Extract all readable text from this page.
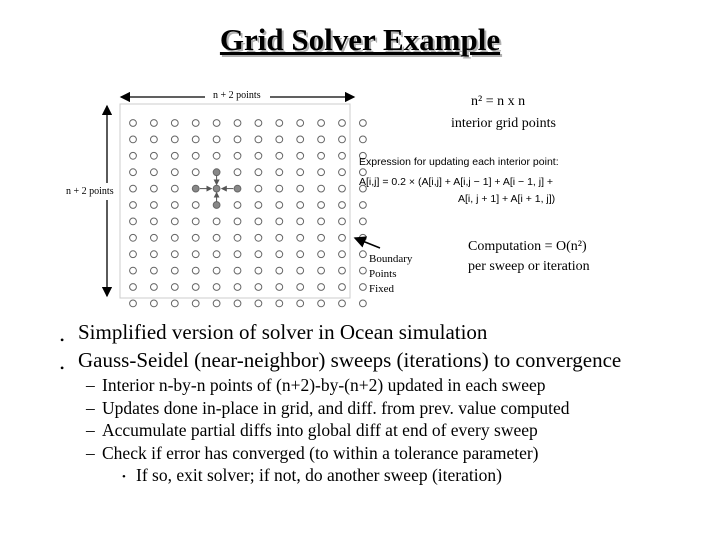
Grid Solver Example
n + 2 points
n + 2 points
n² = n x n
interior grid points
Expression for updating each interior point:
A[i,j] = 0.2 × (A[i,j] + A[i,j − 1] + A[i − 1, j] +
A[i, j + 1] + A[i + 1, j])
Boundary
Points
Fixed
Computation = O(n²)
per sweep or iteration
• Simplified version of solver in Ocean simulation
• Gauss-Seidel (near-neighbor) sweeps (iterations) to convergence
– Interior n-by-n points of (n+2)-by-(n+2) updated in each sweep
– Updates done in-place in grid, and diff. from prev. value computed
– Accumulate partial diffs into global diff at end of every sweep
– Check if error has converged (to within a tolerance parameter)
• If so, exit solver; if not, do another sweep (iteration)
